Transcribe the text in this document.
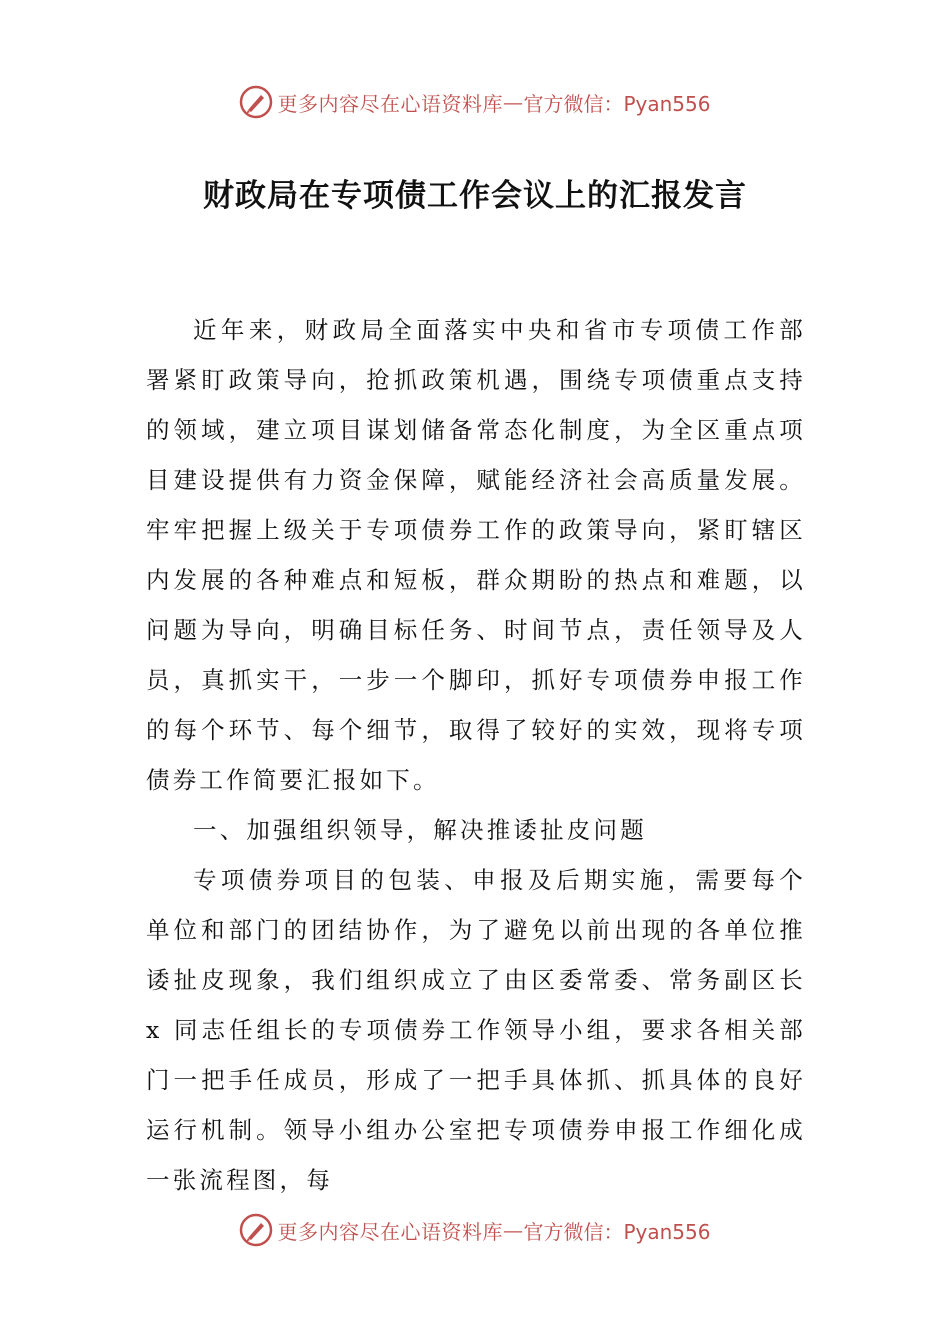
更多内容尽在心语资料库 — 官方微信：Pyan556
财政局在专项债工作会议上的汇报发言

近年来，财政局全面落实中央和省市专项债工作部署紧盯政策导向，抢抓政策机遇，围绕专项债重点支持的领域，建立项目谋划储备常态化制度，为全区重点项目建设提供有力资金保障，赋能经济社会高质量发展。牢牢把握上级关于专项债券工作的政策导向，紧盯辖区内发展的各种难点和短板，群众期盼的热点和难题，以问题为导向，明确目标任务、时间节点，责任领导及人员，真抓实干，一步一个脚印，抓好专项债券申报工作的每个环节、每个细节，取得了较好的实效，现将专项债券工作简要汇报如下。

一、加强组织领导，解决推诿扯皮问题

专项债券项目的包装、申报及后期实施，需要每个单位和部门的团结协作，为了避免以前出现的各单位推诿扯皮现象，我们组织成立了由区委常委、常务副区长 x 同志任组长的专项债券工作领导小组，要求各相关部门一把手任成员，形成了一把手具体抓、抓具体的良好运行机制。领导小组办公室把专项债券申报工作细化成一张流程图，每

更多内容尽在心语资料库 — 官方微信：Pyan556
